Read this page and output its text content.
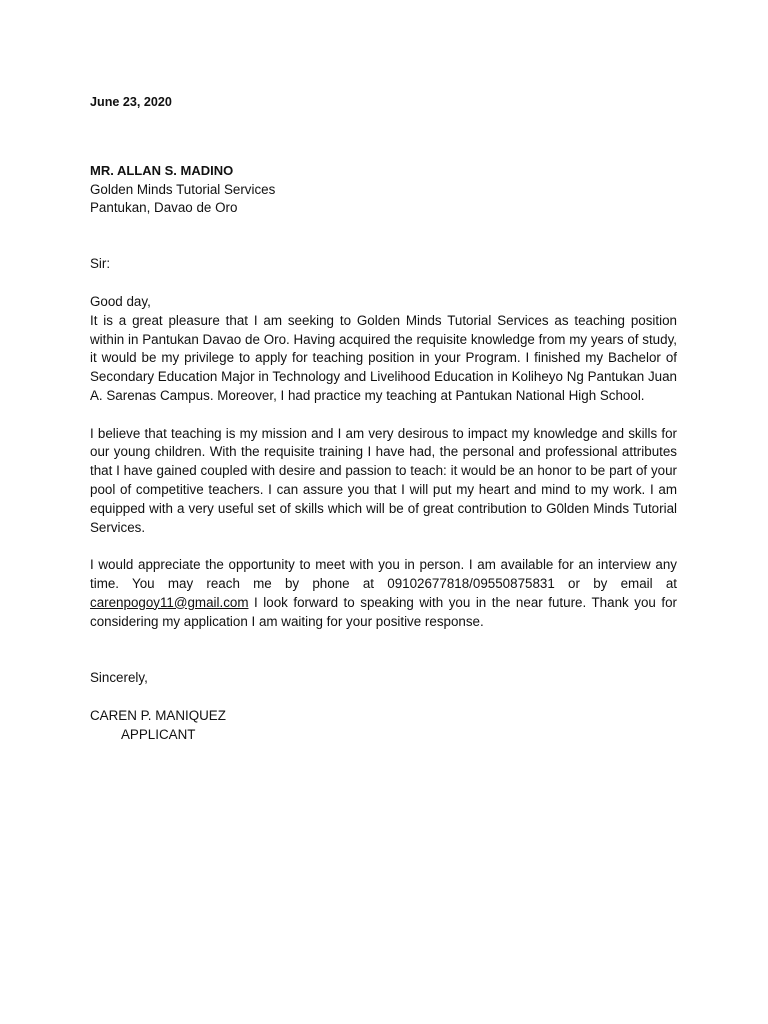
June 23, 2020
MR. ALLAN S. MADINO
Golden Minds Tutorial Services
Pantukan, Davao de Oro
Sir:
Good day,

It is a great pleasure that I am seeking to Golden Minds Tutorial Services as teaching position within in Pantukan Davao de Oro. Having acquired the requisite knowledge from my years of study, it would be my privilege to apply for teaching position in your Program. I finished my Bachelor of Secondary Education Major in Technology and Livelihood Education in Koliheyo Ng Pantukan Juan A. Sarenas Campus. Moreover, I had practice my teaching at Pantukan National High School.

I believe that teaching is my mission and I am very desirous to impact my knowledge and skills for our young children. With the requisite training I have had, the personal and professional attributes that I have gained coupled with desire and passion to teach: it would be an honor to be part of your pool of competitive teachers. I can assure you that I will put my heart and mind to my work. I am equipped with a very useful set of skills which will be of great contribution to G0lden Minds Tutorial Services.

I would appreciate the opportunity to meet with you in person. I am available for an interview any time. You may reach me by phone at 09102677818/09550875831 or by email at carenpogoy11@gmail.com I look forward to speaking with you in the near future. Thank you for considering my application I am waiting for your positive response.

Sincerely,
CAREN P. MANIQUEZ
APPLICANT
